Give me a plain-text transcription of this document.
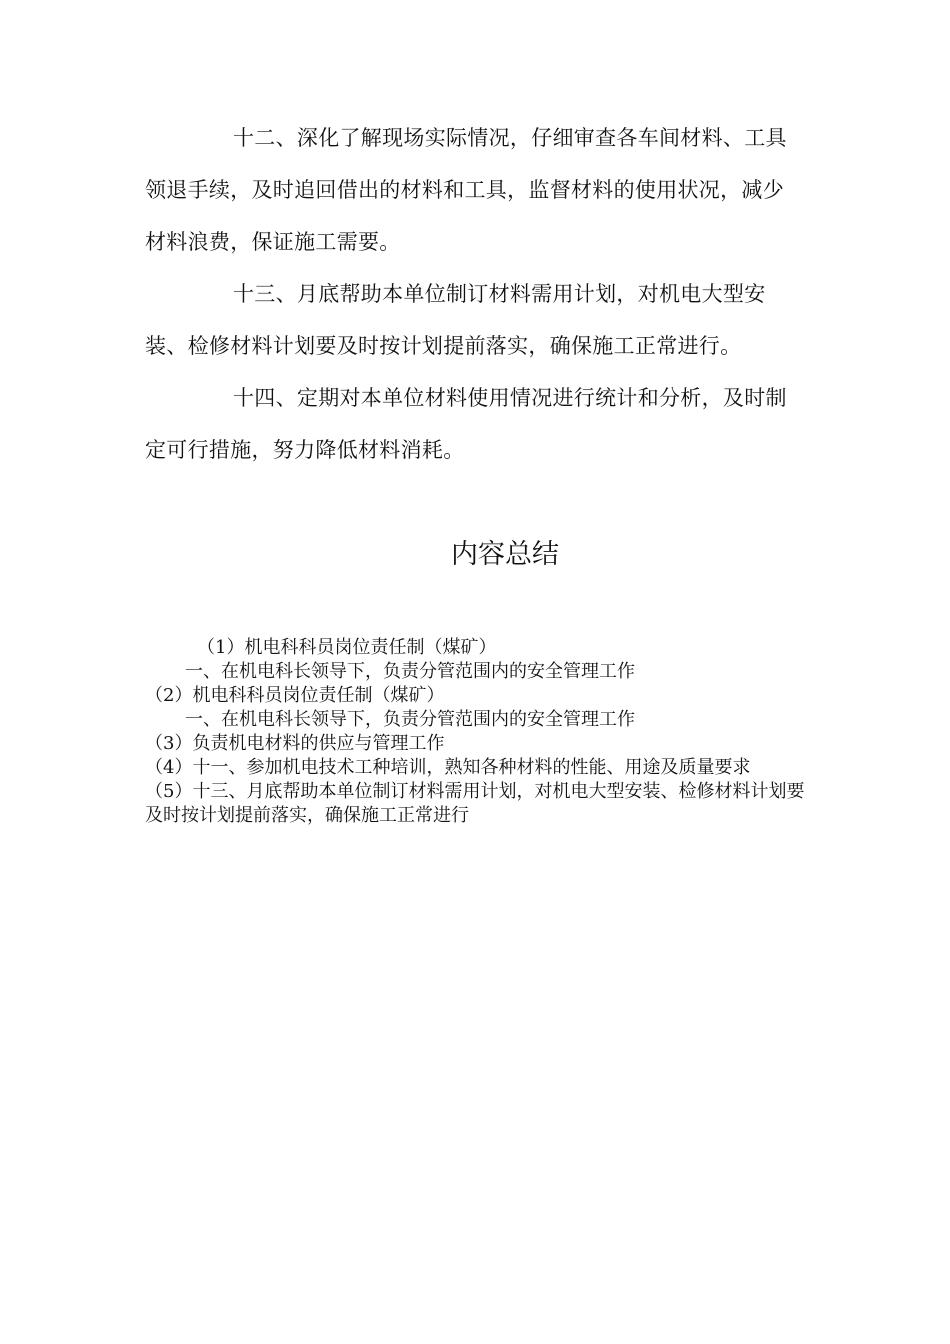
十二、深化了解现场实际情况，仔细审查各车间材料、工具领退手续，及时追回借出的材料和工具，监督材料的使用状况，减少材料浪费，保证施工需要。

十三、月底帮助本单位制订材料需用计划，对机电大型安装、检修材料计划要及时按计划提前落实，确保施工正常进行。

十四、定期对本单位材料使用情况进行统计和分析，及时制定可行措施，努力降低材料消耗。

内容总结

（1）机电科科员岗位责任制（煤矿）

一、在机电科长领导下，负责分管范围内的安全管理工作

（2）机电科科员岗位责任制（煤矿）

一、在机电科长领导下，负责分管范围内的安全管理工作

（3）负责机电材料的供应与管理工作

（4）十一、参加机电技术工种培训，熟知各种材料的性能、用途及质量要求

（5）十三、月底帮助本单位制订材料需用计划，对机电大型安装、检修材料计划要及时按计划提前落实，确保施工正常进行
